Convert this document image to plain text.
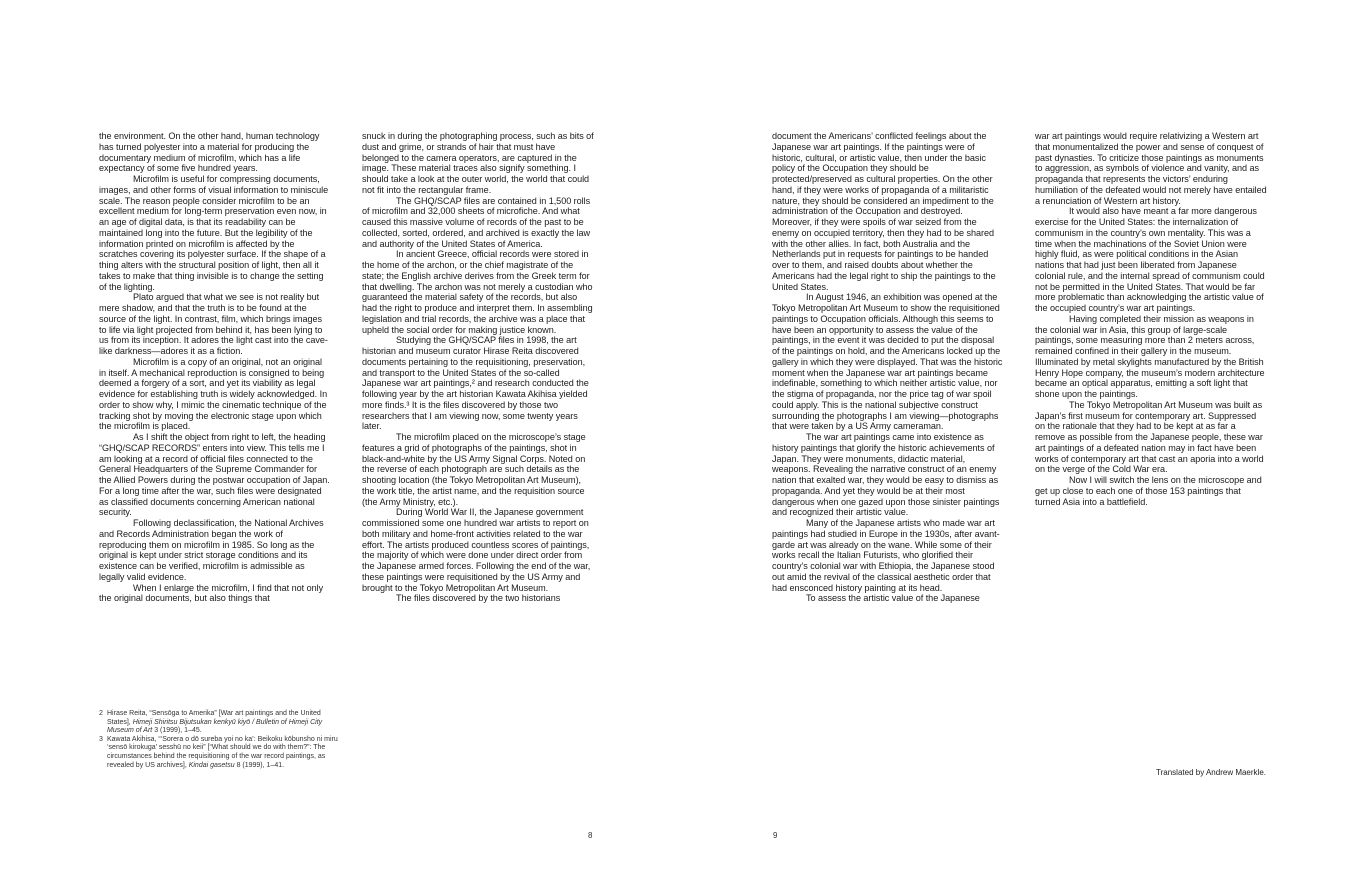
the environment. On the other hand, human technology has turned polyester into a material for producing the documentary medium of microfilm, which has a life expectancy of some five hundred years.

Microfilm is useful for compressing documents, images, and other forms of visual information to miniscule scale. The reason people consider microfilm to be an excellent medium for long-term preservation even now, in an age of digital data, is that its readability can be maintained long into the future. But the legibility of the information printed on microfilm is affected by the scratches covering its polyester surface. If the shape of a thing alters with the structural position of light, then all it takes to make that thing invisible is to change the setting of the lighting.

Plato argued that what we see is not reality but mere shadow, and that the truth is to be found at the source of the light. In contrast, film, which brings images to life via light projected from behind it, has been lying to us from its inception. It adores the light cast into the cave-like darkness—adores it as a fiction.

Microfilm is a copy of an original, not an original in itself. A mechanical reproduction is consigned to being deemed a forgery of a sort, and yet its viability as legal evidence for establishing truth is widely acknowledged. In order to show why, I mimic the cinematic technique of the tracking shot by moving the electronic stage upon which the microfilm is placed.

As I shift the object from right to left, the heading “GHQ/SCAP RECORDS” enters into view. This tells me I am looking at a record of official files connected to the General Headquarters of the Supreme Commander for the Allied Powers during the postwar occupation of Japan. For a long time after the war, such files were designated as classified documents concerning American national security.

Following declassification, the National Archives and Records Administration began the work of reproducing them on microfilm in 1985. So long as the original is kept under strict storage conditions and its existence can be verified, microfilm is admissible as legally valid evidence.

When I enlarge the microfilm, I find that not only the original documents, but also things that

snuck in during the photographing process, such as bits of dust and grime, or strands of hair that must have belonged to the camera operators, are captured in the image. These material traces also signify something. I should take a look at the outer world, the world that could not fit into the rectangular frame.

The GHQ/SCAP files are contained in 1,500 rolls of microfilm and 32,000 sheets of microfiche. And what caused this massive volume of records of the past to be collected, sorted, ordered, and archived is exactly the law and authority of the United States of America.

In ancient Greece, official records were stored in the home of the archon, or the chief magistrate of the state; the English archive derives from the Greek term for that dwelling. The archon was not merely a custodian who guaranteed the material safety of the records, but also had the right to produce and interpret them. In assembling legislation and trial records, the archive was a place that upheld the social order for making justice known.

Studying the GHQ/SCAP files in 1998, the art historian and museum curator Hirase Reita discovered documents pertaining to the requisitioning, preservation, and transport to the United States of the so-called Japanese war art paintings,² and research conducted the following year by the art historian Kawata Akihisa yielded more finds.³ It is the files discovered by those two researchers that I am viewing now, some twenty years later.

The microfilm placed on the microscope’s stage features a grid of photographs of the paintings, shot in black-and-white by the US Army Signal Corps. Noted on the reverse of each photograph are such details as the shooting location (the Tokyo Metropolitan Art Museum), the work title, the artist name, and the requisition source (the Army Ministry, etc.).

During World War II, the Japanese government commissioned some one hundred war artists to report on both military and home-front activities related to the war effort. The artists produced countless scores of paintings, the majority of which were done under direct order from the Japanese armed forces. Following the end of the war, these paintings were requisitioned by the US Army and brought to the Tokyo Metropolitan Art Museum.

The files discovered by the two historians

2 Hirase Reita, “Sensōga to Amerika” [War art paintings and the United States], Himeji Shiritsu Bijutsukan kenkyū kiyō / Bulletin of Himeji City Museum of Art 3 (1999), 1–45.
3 Kawata Akihisa, “‘Sorera o dō sureba yoi no ka’: Beikoku kōbunsho ni miru ‘sensō kirokuga’ sesshū no keii” [“What should we do with them?”: The circumstances behind the requisitioning of the war record paintings, as revealed by US archives], Kindai gasetsu 8 (1999), 1–41.
8

document the Americans’ conflicted feelings about the Japanese war art paintings. If the paintings were of historic, cultural, or artistic value, then under the basic policy of the Occupation they should be protected/preserved as cultural properties. On the other hand, if they were works of propaganda of a militaristic nature, they should be considered an impediment to the administration of the Occupation and destroyed. Moreover, if they were spoils of war seized from the enemy on occupied territory, then they had to be shared with the other allies. In fact, both Australia and the Netherlands put in requests for paintings to be handed over to them, and raised doubts about whether the Americans had the legal right to ship the paintings to the United States.

In August 1946, an exhibition was opened at the Tokyo Metropolitan Art Museum to show the requisitioned paintings to Occupation officials. Although this seems to have been an opportunity to assess the value of the paintings, in the event it was decided to put the disposal of the paintings on hold, and the Americans locked up the gallery in which they were displayed. That was the historic moment when the Japanese war art paintings became indefinable, something to which neither artistic value, nor the stigma of propaganda, nor the price tag of war spoil could apply. This is the national subjective construct surrounding the photographs I am viewing—photographs that were taken by a US Army cameraman.

The war art paintings came into existence as history paintings that glorify the historic achievements of Japan. They were monuments, didactic material, weapons. Revealing the narrative construct of an enemy nation that exalted war, they would be easy to dismiss as propaganda. And yet they would be at their most dangerous when one gazed upon those sinister paintings and recognized their artistic value.

Many of the Japanese artists who made war art paintings had studied in Europe in the 1930s, after avant-garde art was already on the wane. While some of their works recall the Italian Futurists, who glorified their country’s colonial war with Ethiopia, the Japanese stood out amid the revival of the classical aesthetic order that had ensconced history painting at its head.

To assess the artistic value of the Japanese

war art paintings would require relativizing a Western art that monumentalized the power and sense of conquest of past dynasties. To criticize those paintings as monuments to aggression, as symbols of violence and vanity, and as propaganda that represents the victors’ enduring humiliation of the defeated would not merely have entailed a renunciation of Western art history.

It would also have meant a far more dangerous exercise for the United States: the internalization of communism in the country’s own mentality. This was a time when the machinations of the Soviet Union were highly fluid, as were political conditions in the Asian nations that had just been liberated from Japanese colonial rule, and the internal spread of communism could not be permitted in the United States. That would be far more problematic than acknowledging the artistic value of the occupied country’s war art paintings.

Having completed their mission as weapons in the colonial war in Asia, this group of large-scale paintings, some measuring more than 2 meters across, remained confined in their gallery in the museum. Illuminated by metal skylights manufactured by the British Henry Hope company, the museum’s modern architecture became an optical apparatus, emitting a soft light that shone upon the paintings.

The Tokyo Metropolitan Art Museum was built as Japan’s first museum for contemporary art. Suppressed on the rationale that they had to be kept at as far a remove as possible from the Japanese people, these war art paintings of a defeated nation may in fact have been works of contemporary art that cast an aporia into a world on the verge of the Cold War era.

Now I will switch the lens on the microscope and get up close to each one of those 153 paintings that turned Asia into a battlefield.

Translated by Andrew Maerkle.
9
